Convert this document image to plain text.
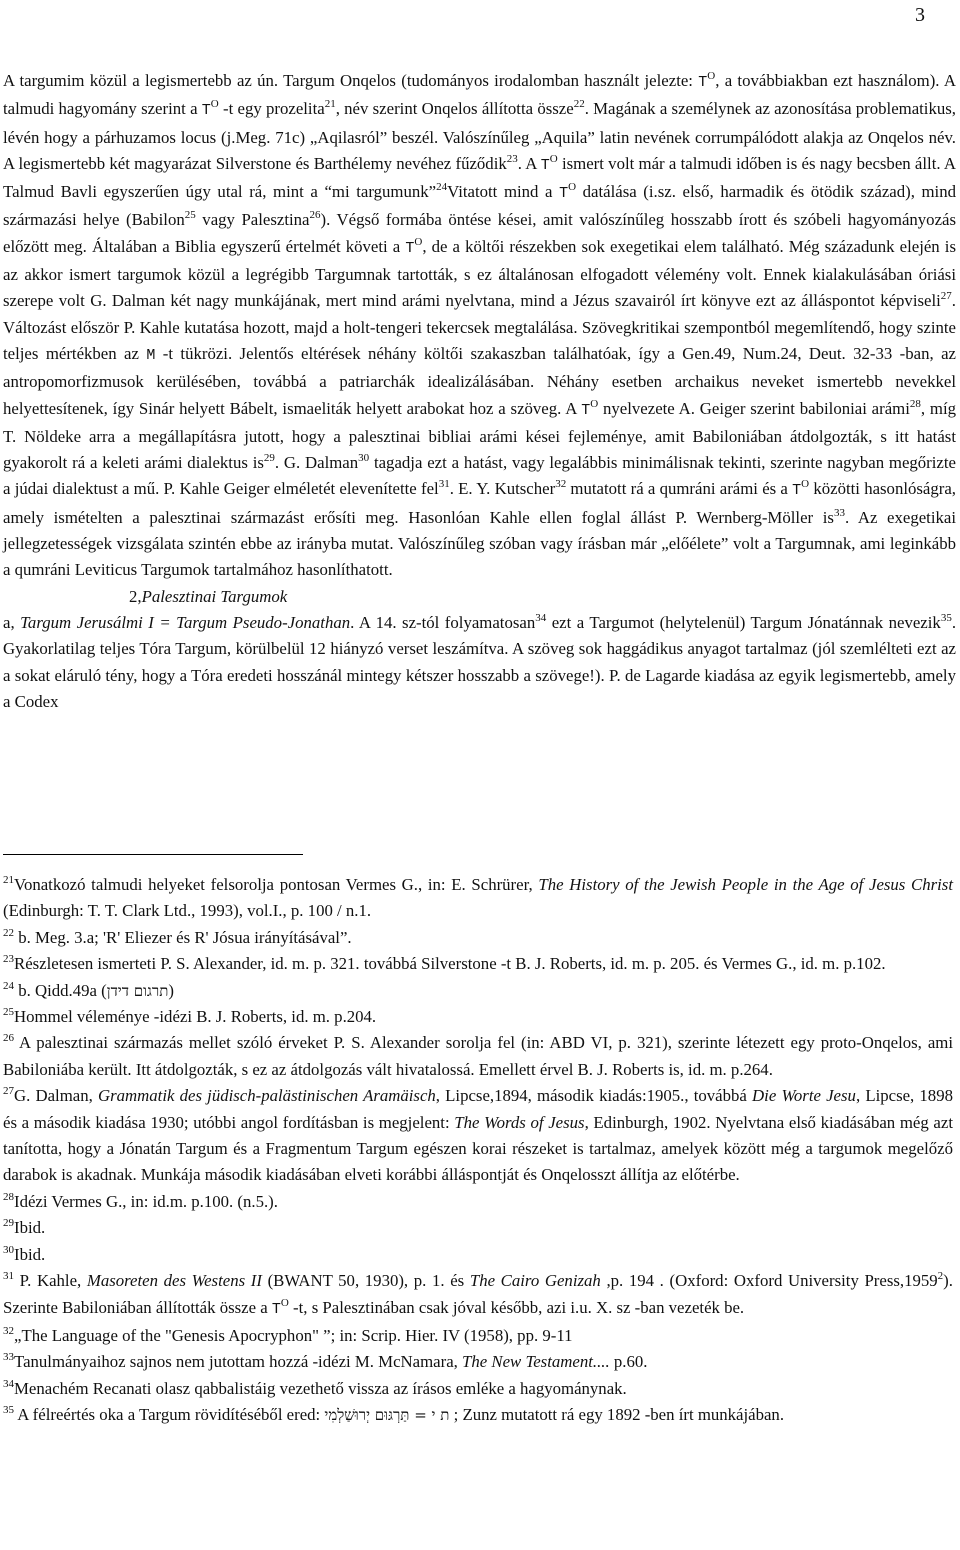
3

A targumim közül a legismertebb az ún. Targum Onqelos (tudományos irodalomban használt jelezte: $T^O$, a továbbiakban ezt használom). A talmudi hagyomány szerint a $T^O$ -t egy prozelita$^{21}$, név szerint Onqelos állította össze$^{22}$. Magának a személynek az azonosítása problematikus, lévén hogy a párhuzamos locus (j.Meg. 71c) „Aqilasról” beszél. Valószínűleg „Aquila” latin nevének corrumpálódott alakja az Onqelos név. A legismertebb két magyarázat Silverstone és Barthélemy nevéhez fűződik$^{23}$. A $T^O$ ismert volt már a talmudi időben is és nagy becsben állt. A Talmud Bavli egyszerűen úgy utal rá, mint a “mi targumunk”$^{24}$Vitatott mind a $T^O$ datálása (i.sz. első, harmadik és ötödik század), mind származási helye (Babilon$^{25}$ vagy Palesztina$^{26}$). Végső formába öntése kései, amit valószínűleg hosszabb írott és szóbeli hagyományozás előzött meg. Általában a Biblia egyszerű értelmét követi a $T^O$, de a költői részekben sok exegetikai elem található. Még századunk elején is az akkor ismert targumok közül a legrégibb Targumnak tartották, s ez általánosan elfogadott vélemény volt. Ennek kialakulásában óriási szerepe volt G. Dalman két nagy munkájának, mert mind arámi nyelvtana, mind a Jézus szavairól írt könyve ezt az álláspontot képviseli$^{27}$. Változást először P. Kahle kutatása hozott, majd a holt-tengeri tekercsek megtalálása. Szövegkritikai szempontból megemlítendő, hogy szinte teljes mértékben az M -t tükrözi. Jelentős eltérések néhány költői szakaszban találhatóak, így a Gen.49, Num.24, Deut. 32-33 -ban, az antropomorfizmusok kerülésében, továbbá a patriarchák idealizálásában. Néhány esetben archaikus neveket ismertebb nevekkel helyettesítenek, így Sinár helyett Bábelt, ismaeliták helyett arabokat hoz a szöveg. A $T^O$ nyelvezete A. Geiger szerint babiloniai arámi$^{28}$, míg T. Nöldeke arra a megállapításra jutott, hogy a palesztinai bibliai arámi kései fejleménye, amit Babiloniában átdolgozták, s itt hatást gyakorolt rá a keleti arámi dialektus $is^{29}$. G. Dalman$^{30}$ tagadja ezt a hatást, vagy legalábbis minimálisnak tekinti, szerinte nagyban megőrizte a júdai dialektust a mű. P. Kahle Geiger elméletét elevenítette fel$^{31}$. E. Y. Kutscher$^{32}$ mutatott rá a qumráni arámi és a $T^O$ közötti hasonlóságra, amely ismételten a palesztinai származást erősíti meg. Hasonlóan Kahle ellen foglal állást P. Wernberg-Möller $is^{33}$. Az exegetikai jellegzetességek vizsgálata szintén ebbe az irányba mutat. Valószínűleg szóban vagy írásban már „előélete” volt a Targumnak, ami leginkább a qumráni Leviticus Targumok tartalmához hasonlíthatott.

2,Palesztinai Targumok

a, Targum Jerusálmi I = Targum Pseudo-Jonathan. A 14. sz-tól folyamatosan$^{34}$ ezt a Targumot (helytelenül) Targum Jónatánnak nevezik$^{35}$. Gyakorlatilag teljes Tóra Targum, körülbelül 12 hiányzó verset leszámítva. A szöveg sok haggádikus anyagot tartalmaz (jól szemlélteti ezt az a sokat eláruló tény, hogy a Tóra eredeti hosszánál mintegy kétszer hosszabb a szövege!). P. de Lagarde kiadása az egyik legismertebb, amely a Codex

$^{21}$Vonatkozó talmudi helyeket felsorolja pontosan Vermes G., in: E. Schrürer, The History of the Jewish People in the Age of Jesus Christ (Edinburgh: T. T. Clark Ltd., 1993), vol.I., p. 100 / n.1.

$^{22}$ b. Meg. 3.a; 'R' Eliezer és R' Jósua irányításával”.

$^{23}$Részletesen ismerteti P. S. Alexander, id. m. p. 321. továbbá Silverstone -t B. J. Roberts, id. m. p. 205. és Vermes G., id. m. p.102.

$^{24}$ b. Qidd.49a (תרגום דידן)

$^{25}$Hommel véleménye -idézi B. J. Roberts, id. m. p.204.

$^{26}$ A palesztinai származás mellet szóló érveket P. S. Alexander sorolja fel (in: ABD VI, p. 321), szerinte létezett egy proto-Onqelos, ami Babiloniába került. Itt átdolgozták, s ez az átdolgozás vált hivatalossá. Emellett érvel B. J. Roberts is, id. m. p.264.

$^{27}$G. Dalman, Grammatik des jüdisch-palästinischen Aramäisch, Lipcse,1894, második kiadás:1905., továbbá Die Worte Jesu, Lipcse, 1898 és a második kiadása 1930; utóbbi angol fordításban is megjelent: The Words of Jesus, Edinburgh, 1902. Nyelvtana első kiadásában még azt tanította, hogy a Jónatán Targum és a Fragmentum Targum egészen korai részeket is tartalmaz, amelyek között még a targumok megelőző darabok is akadnak. Munkája második kiadásában elveti korábbi álláspontját és Onqelosszt állítja az előtérbe.

$^{28}$Idézi Vermes G., in: id.m. p.100. (n.5.).

$^{29}$Ibid.

$^{30}$Ibid.

$^{31}$ P. Kahle, Masoreten des Westens II (BWANT 50, 1930), p. 1. és The Cairo Genizah ,p. 194 . (Oxford: Oxford University Press,1959$^2$). Szerinte Babiloniában állították össze a $T^O$ -t, s Palesztinában csak jóval később, azi i.u. X. sz -ban vezeték be.

$^{32}$„The Language of the "Genesis Apocryphon" ”; in: Scrip. Hier. IV (1958), pp. 9-11

$^{33}$Tanulmányaihoz sajnos nem jutottam hozzá -idézi M. McNamara, The New Testament.... p.60.

$^{34}$Menachém Recanati olasz qabbalistáig vezethető vissza az írásos emléke a hagyománynak.

$^{35}$ A félreértés oka a Targum rövidítéséből ered: ת י = תַּרְגּוּם יְרוּשַׁלְמִי ; Zunz mutatott rá egy 1892 -ben írt munkájában.
